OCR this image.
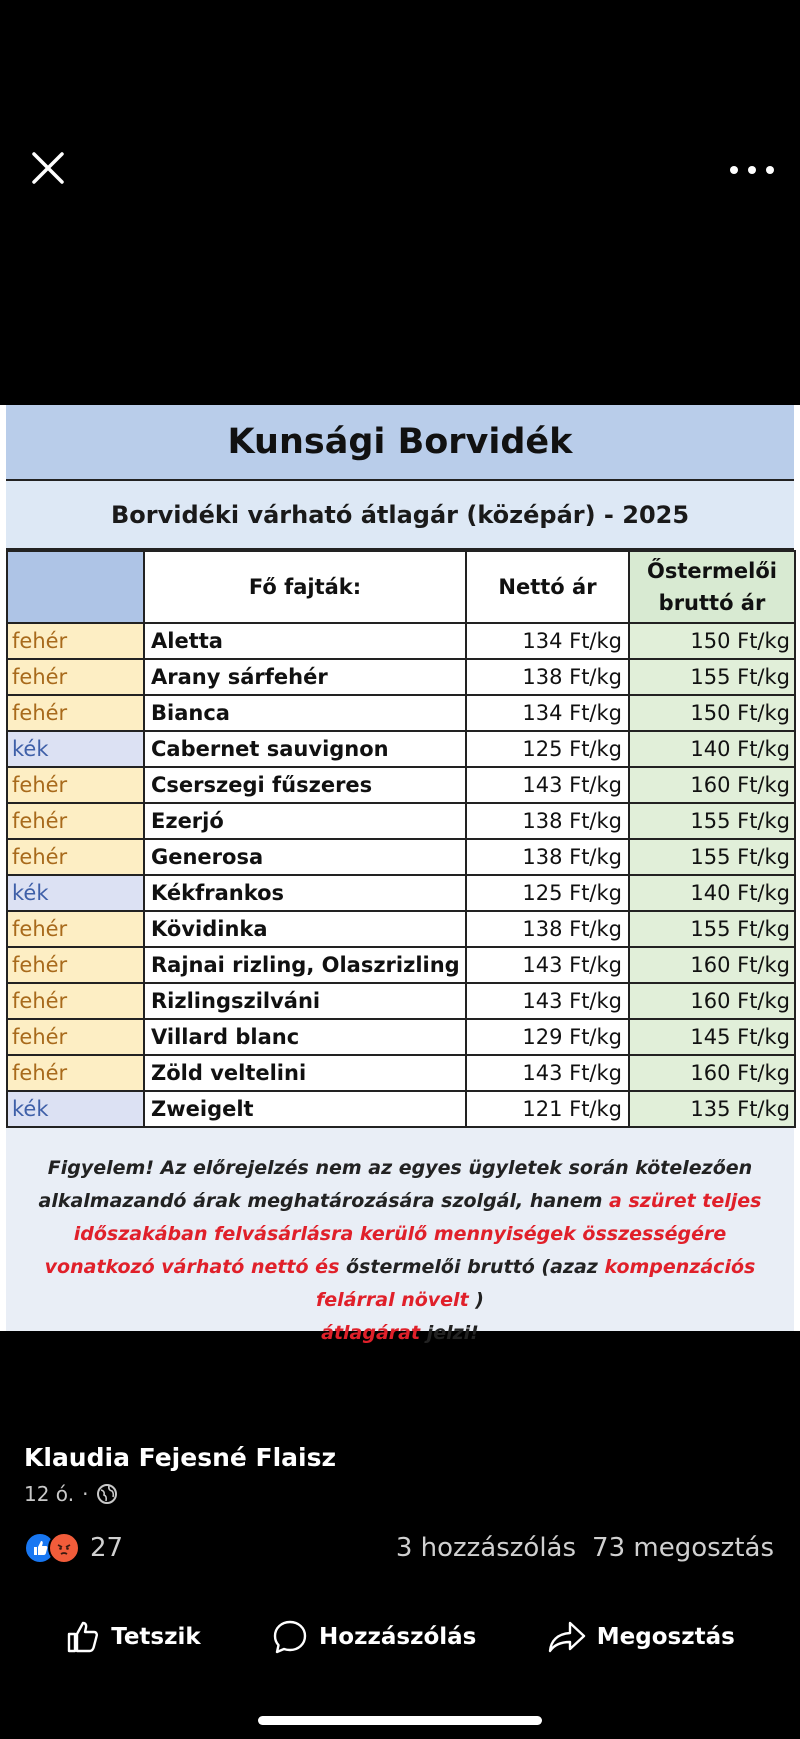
Kunsági Borvidék
Borvidéki várható átlagár (középár) - 2025
	Fő fajták:	Nettó ár	Őstermelői
bruttó ár
fehér	Aletta	134 Ft/kg	150 Ft/kg
fehér	Arany sárfehér	138 Ft/kg	155 Ft/kg
fehér	Bianca	134 Ft/kg	150 Ft/kg
kék	Cabernet sauvignon	125 Ft/kg	140 Ft/kg
fehér	Cserszegi fűszeres	143 Ft/kg	160 Ft/kg
fehér	Ezerjó	138 Ft/kg	155 Ft/kg
fehér	Generosa	138 Ft/kg	155 Ft/kg
kék	Kékfrankos	125 Ft/kg	140 Ft/kg
fehér	Kövidinka	138 Ft/kg	155 Ft/kg
fehér	Rajnai rizling, Olaszrizling	143 Ft/kg	160 Ft/kg
fehér	Rizlingszilváni	143 Ft/kg	160 Ft/kg
fehér	Villard blanc	129 Ft/kg	145 Ft/kg
fehér	Zöld veltelini	143 Ft/kg	160 Ft/kg
kék	Zweigelt	121 Ft/kg	135 Ft/kg
Figyelem! Az előrejelzés nem az egyes ügyletek során kötelezően alkalmazandó árak meghatározására szolgál, hanem a szüret teljes időszakában felvásárlásra kerülő mennyiségek összességére vonatkozó várható nettó és őstermelői bruttó (azaz kompenzációs felárral növelt )
átlagárat jelzi!
Klaudia Fejesné Flaisz
12 ó. ·
27	3 hozzászólás 73 megosztás
Tetszik	Hozzászólás	Megosztás
